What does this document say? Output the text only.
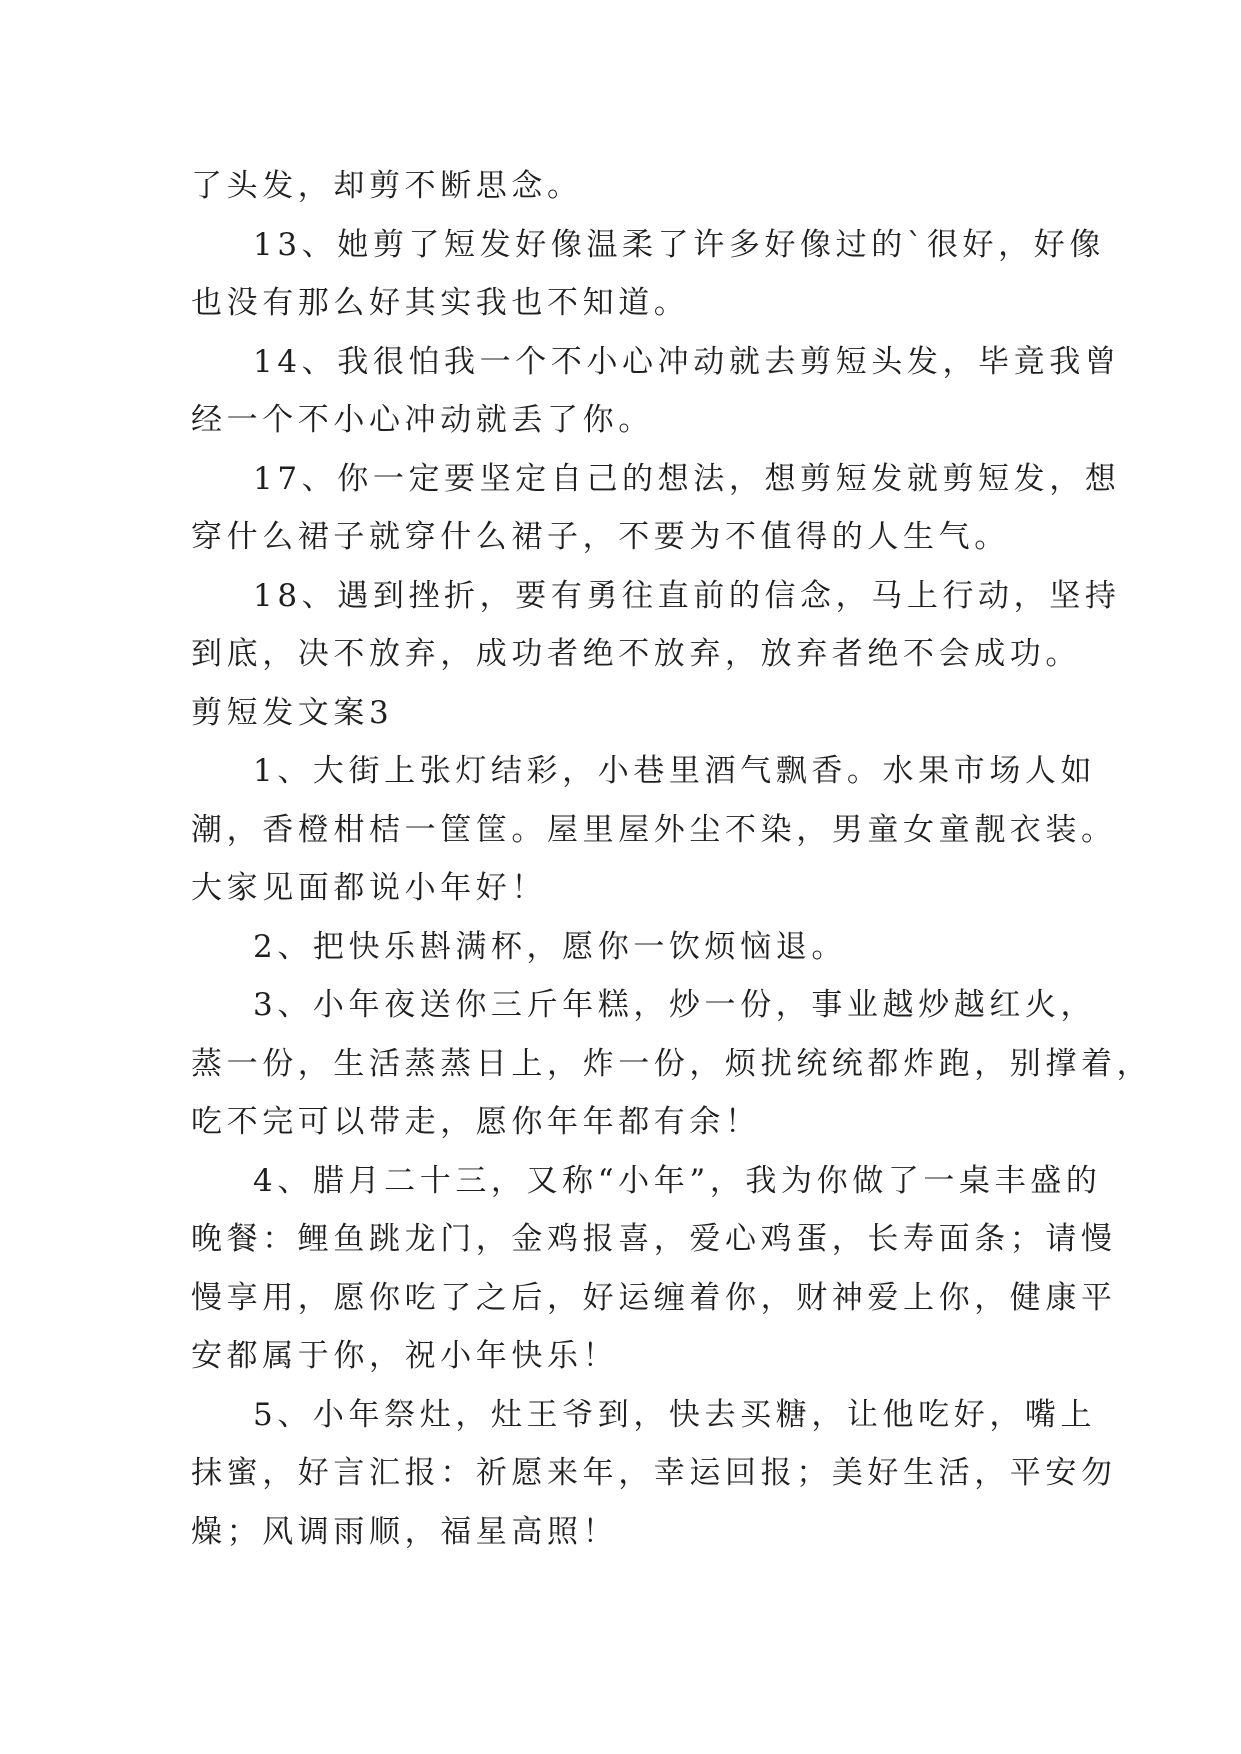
了头发，却剪不断思念。
13、她剪了短发好像温柔了许多好像过的`很好，好像
也没有那么好其实我也不知道。
14、我很怕我一个不小心冲动就去剪短头发，毕竟我曾
经一个不小心冲动就丢了你。
17、你一定要坚定自己的想法，想剪短发就剪短发，想
穿什么裙子就穿什么裙子，不要为不值得的人生气。
18、遇到挫折，要有勇往直前的信念，马上行动，坚持
到底，决不放弃，成功者绝不放弃，放弃者绝不会成功。
剪短发文案3
1、大街上张灯结彩，小巷里酒气飘香。水果市场人如
潮，香橙柑桔一筐筐。屋里屋外尘不染，男童女童靓衣装。
大家见面都说小年好！
2、把快乐斟满杯，愿你一饮烦恼退。
3、小年夜送你三斤年糕，炒一份，事业越炒越红火，
蒸一份，生活蒸蒸日上，炸一份，烦扰统统都炸跑，别撑着，
吃不完可以带走，愿你年年都有余！
4、腊月二十三，又称“小年”，我为你做了一桌丰盛的
晚餐：鲤鱼跳龙门，金鸡报喜，爱心鸡蛋，长寿面条；请慢
慢享用，愿你吃了之后，好运缠着你，财神爱上你，健康平
安都属于你，祝小年快乐！
5、小年祭灶，灶王爷到，快去买糖，让他吃好，嘴上
抹蜜，好言汇报：祈愿来年，幸运回报；美好生活，平安勿
燥；风调雨顺，福星高照！
